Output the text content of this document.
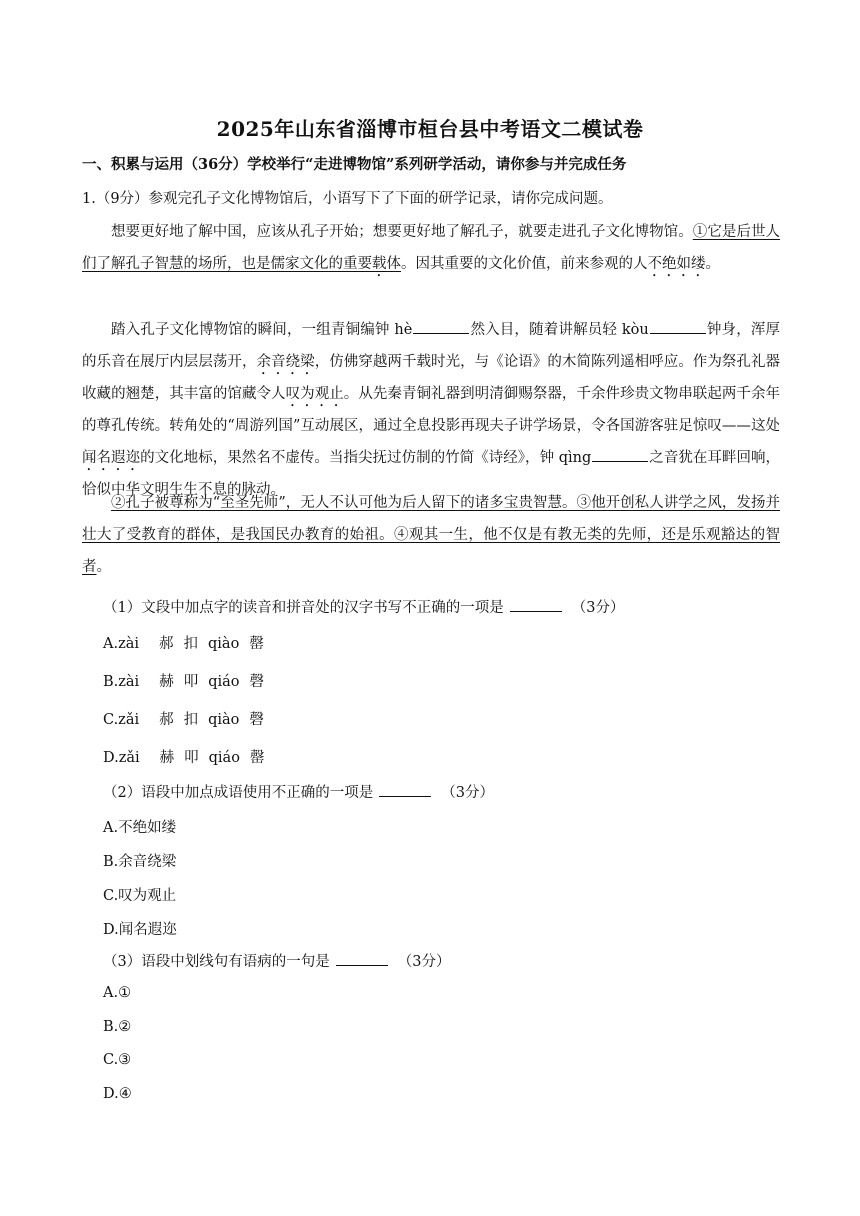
2025年山东省淄博市桓台县中考语文二模试卷
一、积累与运用（36分）学校举行“走进博物馆”系列研学活动，请你参与并完成任务
1.（9分）参观完孔子文化博物馆后，小语写下了下面的研学记录，请你完成问题。
想要更好地了解中国，应该从孔子开始；想要更好地了解孔子，就要走进孔子文化博物馆。①它是后世人们了解孔子智慧的场所，也是儒家文化的重要载体。因其重要的文化价值，前来参观的人不绝如缕。
踏入孔子文化博物馆的瞬间，一组青铜编钟 hè	然入目，随着讲解员轻 kòu	钟身，浑厚的乐音在展厅内层层荡开，余音绕梁，仿佛穿越两千载时光，与《论语》的木简陈列遥相呼应。作为祭孔礼器收藏的翘楚，其丰富的馆藏令人叹为观止。从先秦青铜礼器到明清御赐祭器，千余件珍贵文物串联起两千余年的尊孔传统。转角处的“周游列国”互动展区，通过全息投影再现夫子讲学场景，令各国游客驻足惊叹——这处闻名遐迩的文化地标，果然名不虚传。当指尖抚过仿制的竹简《诗经》，钟 qìng	之音犹在耳畔回响，恰似中华文明生生不息的脉动。
②孔子被尊称为“至圣先师”，无人不认可他为后人留下的诸多宝贵智慧。③他开创私人讲学之风，发扬并壮大了受教育的群体，是我国民办教育的始祖。④观其一生，他不仅是有教无类的先师，还是乐观豁达的智者。
（1）文段中加点字的读音和拼音处的汉字书写不正确的一项是	（3分）
A.zài 郝 扣 qiào 罄
B.zài 赫 叩 qiáo 磬
C.zǎi 郝 扣 qiào 磬
D.zǎi 赫 叩 qiáo 罄
（2）语段中加点成语使用不正确的一项是	（3分）
A.不绝如缕
B.余音绕梁
C.叹为观止
D.闻名遐迩
（3）语段中划线句有语病的一句是	（3分）
A.①
B.②
C.③
D.④
